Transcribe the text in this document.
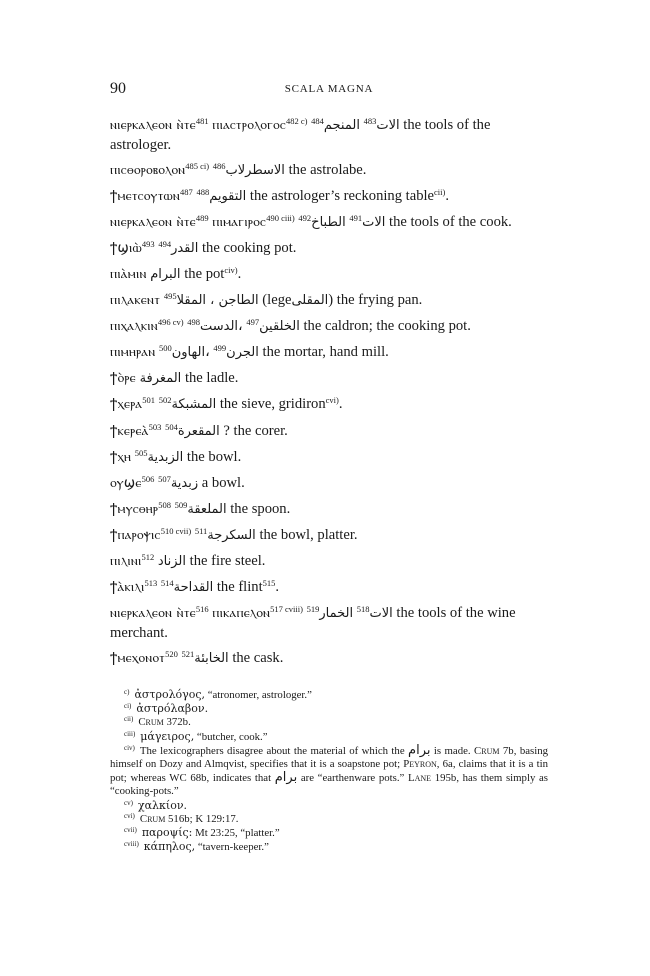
90	SCALA MAGNA

ⲛⲓⲉⲣⲕⲁⲗⲉⲟⲛ ⲛ̀ⲧⲉ$^{481}$ ⲡⲓⲁⲥⲧⲣⲟⲗⲟⲅⲟⲥ$^{482 c)}$ $^{484}$المنجم $^{483}$الات the tools of the astrologer.

ⲡⲓⲥⲑⲟⲣⲟⲃⲟⲗⲟⲛ$^{485 ci)}$ $^{486}$الاسطرلاب the astrolabe.

ϯⲙⲉⲧⲥⲟⲩⲧⲱⲛ$^{487}$ $^{488}$التقويم the astrologer’s reckoning table$^{cii)}$.

ⲛⲓⲉⲣⲕⲁⲗⲉⲟⲛ ⲛ̀ⲧⲉ$^{489}$ ⲡⲓⲙⲁⲅⲓⲣⲟⲥ$^{490 ciii)}$ $^{492}$الطباخ $^{491}$الات the tools of the cook.

ϯϣⲓⲱ̀$^{493}$ $^{494}$القدر the cooking pot.

ⲡⲓⲁ̀ⲙⲓⲛ البرام the pot$^{civ)}$.

ⲡⲓⲗⲁⲕⲉⲛⲧ $^{495}$الطاجن ، المقلا (legeالمقلى) the frying pan.

ⲡⲓⲭⲁⲗⲕⲓⲛ$^{496 cv)}$ $^{498}$الدست، $^{497}$الخلقين the caldron; the cooking pot.

ⲡⲓⲙⲏⲣⲁⲛ $^{500}$الهاون، $^{499}$الجرن the mortar, hand mill.

ϯⲟ̀ⲣⲉ المغرفة the ladle.

ϯⲭⲉⲣⲁ$^{501}$ $^{502}$المشبكة the sieve, gridiron$^{cvi)}$.

ϯⲕⲉⲣⲉⲁ̀$^{503}$ $^{504}$المقعرة ? the corer.

ϯⲭⲏ $^{505}$الزبدية the bowl.

ⲟⲩϣⲉ$^{506}$ $^{507}$زبدية a bowl.

ϯⲙⲩⲥⲑⲏⲣ$^{508}$ $^{509}$الملعقة the spoon.

ϯⲡⲁⲣⲟⲯⲓⲥ$^{510 cvii)}$ $^{511}$السكرجة the bowl, platter.

ⲡⲓⲗⲓⲛⲓ$^{512}$ الزناد the fire steel.

ϯⲁ̀ⲕⲓⲗⲓ$^{513}$ $^{514}$القداحة the flint$^{515}$.

ⲛⲓⲉⲣⲕⲁⲗⲉⲟⲛ ⲛ̀ⲧⲉ$^{516}$ ⲡⲓⲕⲁⲡⲉⲗⲟⲛ$^{517 cviii)}$ $^{519}$الخمار $^{518}$الات the tools of the wine merchant.

ϯⲙⲉⲭⲟⲛⲟⲧ$^{520}$ $^{521}$الخابئة the cask.

$^{c)}$ ἀστρολόγος, “atronomer, astrologer.”

$^{ci)}$ ἀστρόλαβον.

$^{cii)}$ Crum 372b.

$^{ciii)}$ μάγειρος, “butcher, cook.”

$^{civ)}$ The lexicographers disagree about the material of which the برام is made. Crum 7b, basing himself on Dozy and Almqvist, specifies that it is a soapstone pot; Peyron, 6a, claims that it is a tin pot; whereas WC 68b, indicates that برام are “earthenware pots.” Lane 195b, has them simply as “cooking-pots.”

$^{cv)}$ χαλκίον.

$^{cvi)}$ Crum 516b; K 129:17.

$^{cvii)}$ παροψίς: Mt 23:25, “platter.”

$^{cviii)}$ κάπηλος, “tavern-keeper.”
